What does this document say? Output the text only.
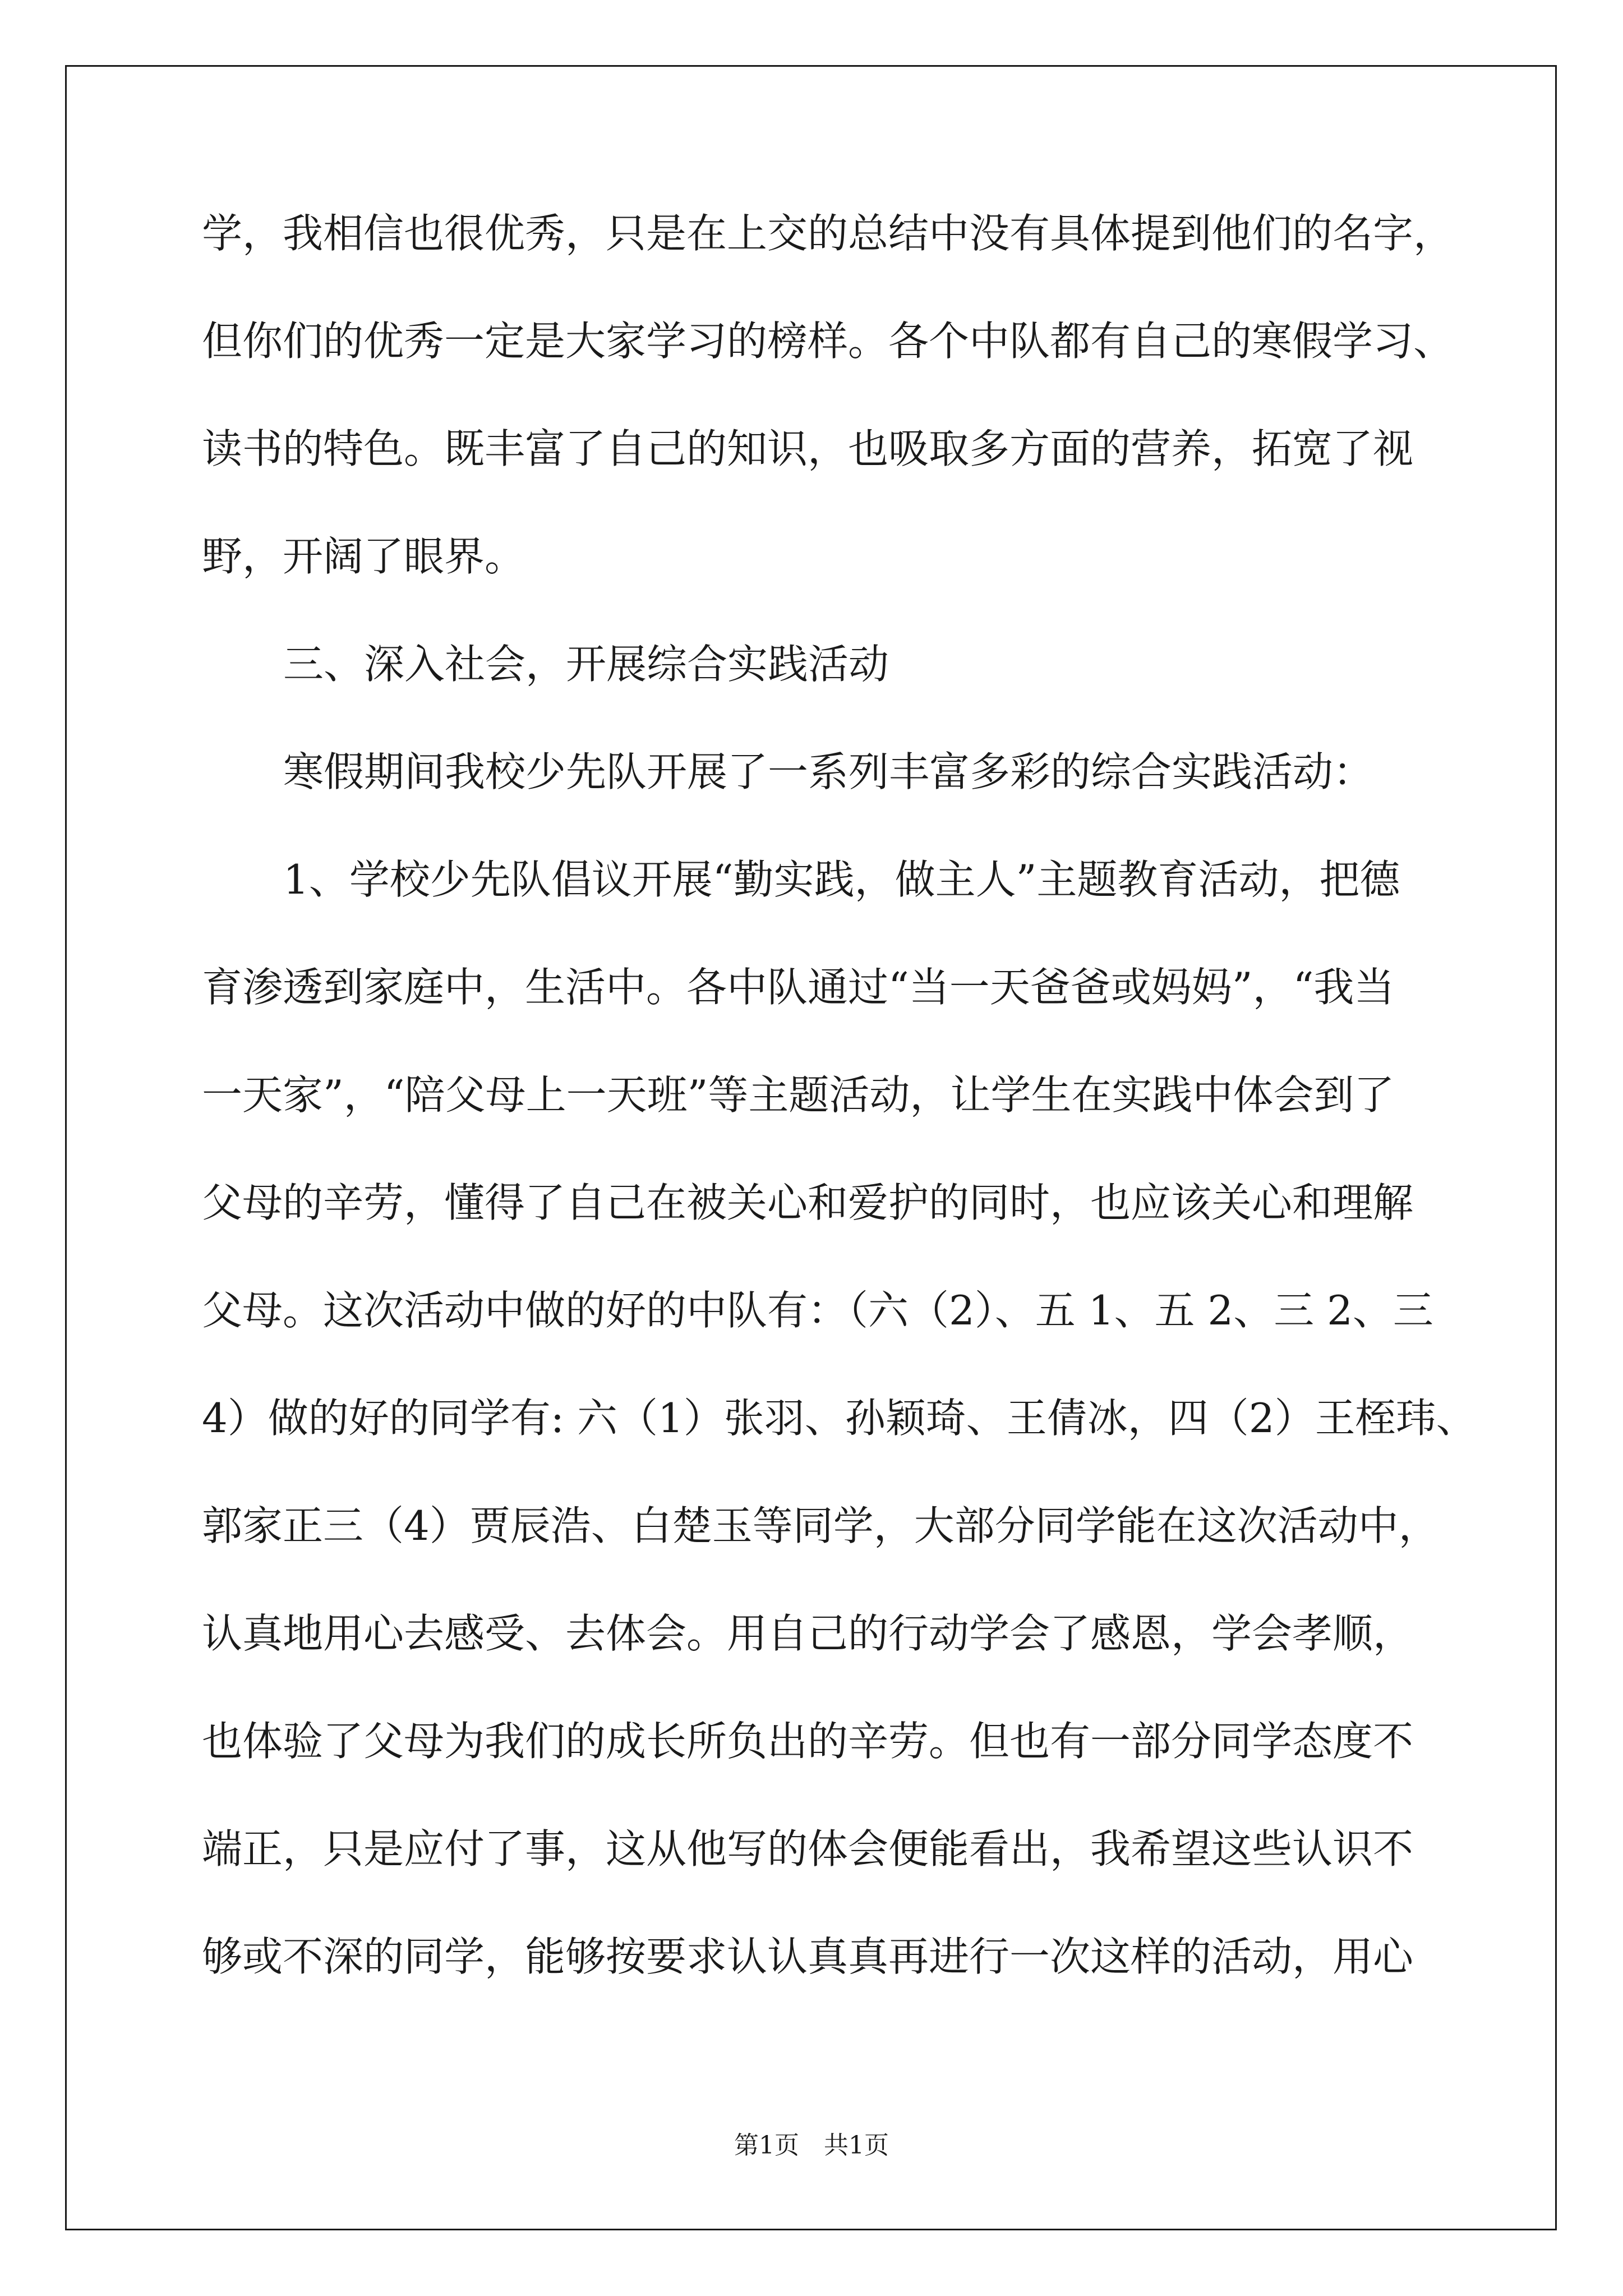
学，我相信也很优秀，只是在上交的总结中没有具体提到他们的名字，
但你们的优秀一定是大家学习的榜样。各个中队都有自己的寒假学习、
读书的特色。既丰富了自己的知识，也吸取多方面的营养，拓宽了视
野，开阔了眼界。
三、深入社会，开展综合实践活动
寒假期间我校少先队开展了一系列丰富多彩的综合实践活动：
1、学校少先队倡议开展“勤实践，做主人”主题教育活动，把德
育渗透到家庭中，生活中。各中队通过“当一天爸爸或妈妈”，“我当
一天家”，“陪父母上一天班”等主题活动，让学生在实践中体会到了
父母的辛劳，懂得了自己在被关心和爱护的同时，也应该关心和理解
父母。这次活动中做的好的中队有：（六（2）、五 1、五 2、三 2、三
4）做的好的同学有: 六（1）张羽、孙颖琦、王倩冰，四（2）王桎玮、
郭家正三（4）贾辰浩、白楚玉等同学，大部分同学能在这次活动中，
认真地用心去感受、去体会。用自己的行动学会了感恩，学会孝顺，
也体验了父母为我们的成长所负出的辛劳。但也有一部分同学态度不
端正，只是应付了事，这从他写的体会便能看出，我希望这些认识不
够或不深的同学，能够按要求认认真真再进行一次这样的活动，用心
第1页　共1页
